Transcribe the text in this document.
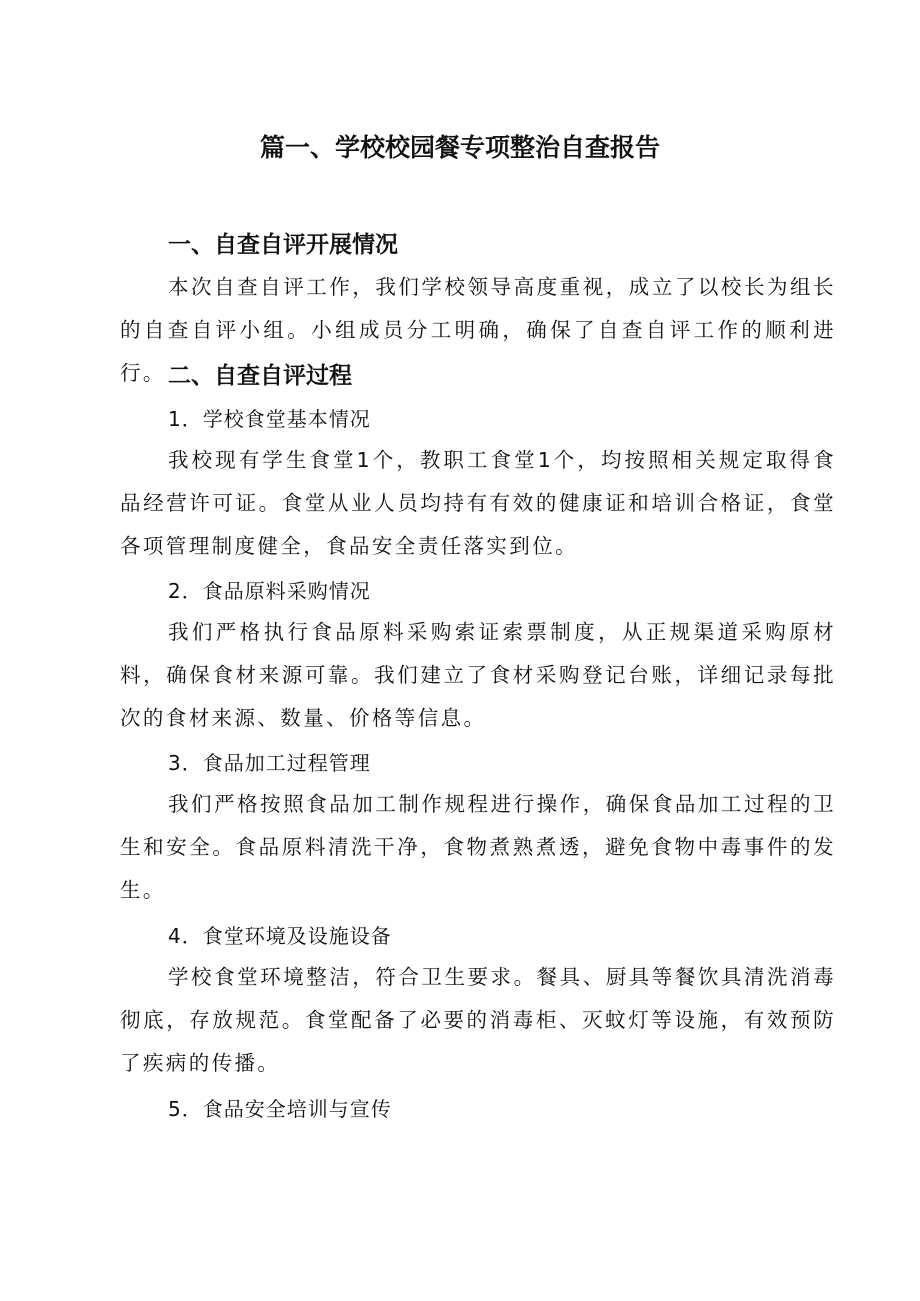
篇一、学校校园餐专项整治自查报告
一、自查自评开展情况

本次自查自评工作，我们学校领导高度重视，成立了以校长为组长的自查自评小组。小组成员分工明确，确保了自查自评工作的顺利进行。 二、自查自评过程
1．学校食堂基本情况

我校现有学生食堂1个，教职工食堂1个，均按照相关规定取得食品经营许可证。食堂从业人员均持有有效的健康证和培训合格证，食堂各项管理制度健全，食品安全责任落实到位。

2．食品原料采购情况

我们严格执行食品原料采购索证索票制度，从正规渠道采购原材料，确保食材来源可靠。我们建立了食材采购登记台账，详细记录每批次的食材来源、数量、价格等信息。

3．食品加工过程管理

我们严格按照食品加工制作规程进行操作，确保食品加工过程的卫生和安全。食品原料清洗干净，食物煮熟煮透，避免食物中毒事件的发生。

4．食堂环境及设施设备

学校食堂环境整洁，符合卫生要求。餐具、厨具等餐饮具清洗消毒彻底，存放规范。食堂配备了必要的消毒柜、灭蚊灯等设施，有效预防了疾病的传播。

5．食品安全培训与宣传
